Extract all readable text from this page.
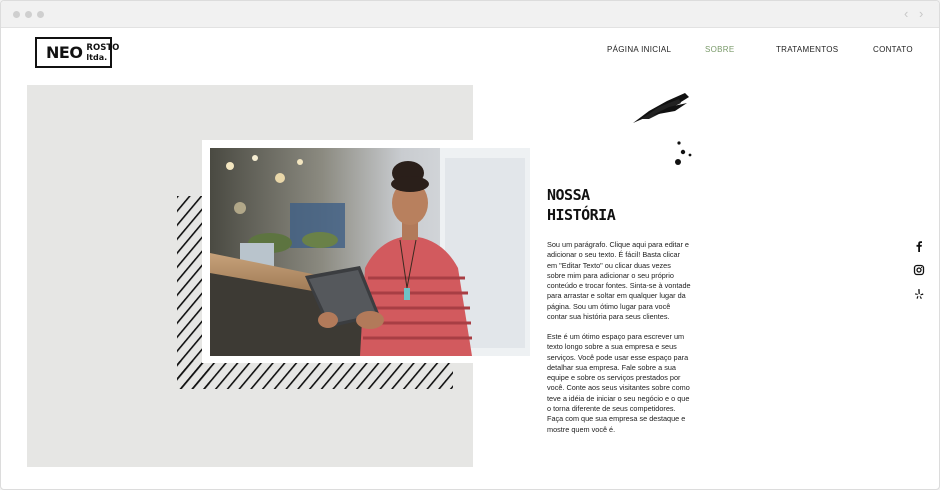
‹ ›
NEO ROSTO
ltda.
PÁGINA INICIAL	SOBRE	TRATAMENTOS	CONTATO
NOSSA
HISTÓRIA

Sou um parágrafo. Clique aqui para editar e adicionar o seu texto. É fácil! Basta clicar em "Editar Texto" ou clicar duas vezes sobre mim para adicionar o seu próprio conteúdo e trocar fontes. Sinta-se à vontade para arrastar e soltar em qualquer lugar da página. Sou um ótimo lugar para você contar sua história para seus clientes.

Este é um ótimo espaço para escrever um texto longo sobre a sua empresa e seus serviços. Você pode usar esse espaço para detalhar sua empresa. Fale sobre a sua equipe e sobre os serviços prestados por você. Conte aos seus visitantes sobre como teve a idéia de iniciar o seu negócio e o que o torna diferente de seus competidores. Faça com que sua empresa se destaque e mostre quem você é.
